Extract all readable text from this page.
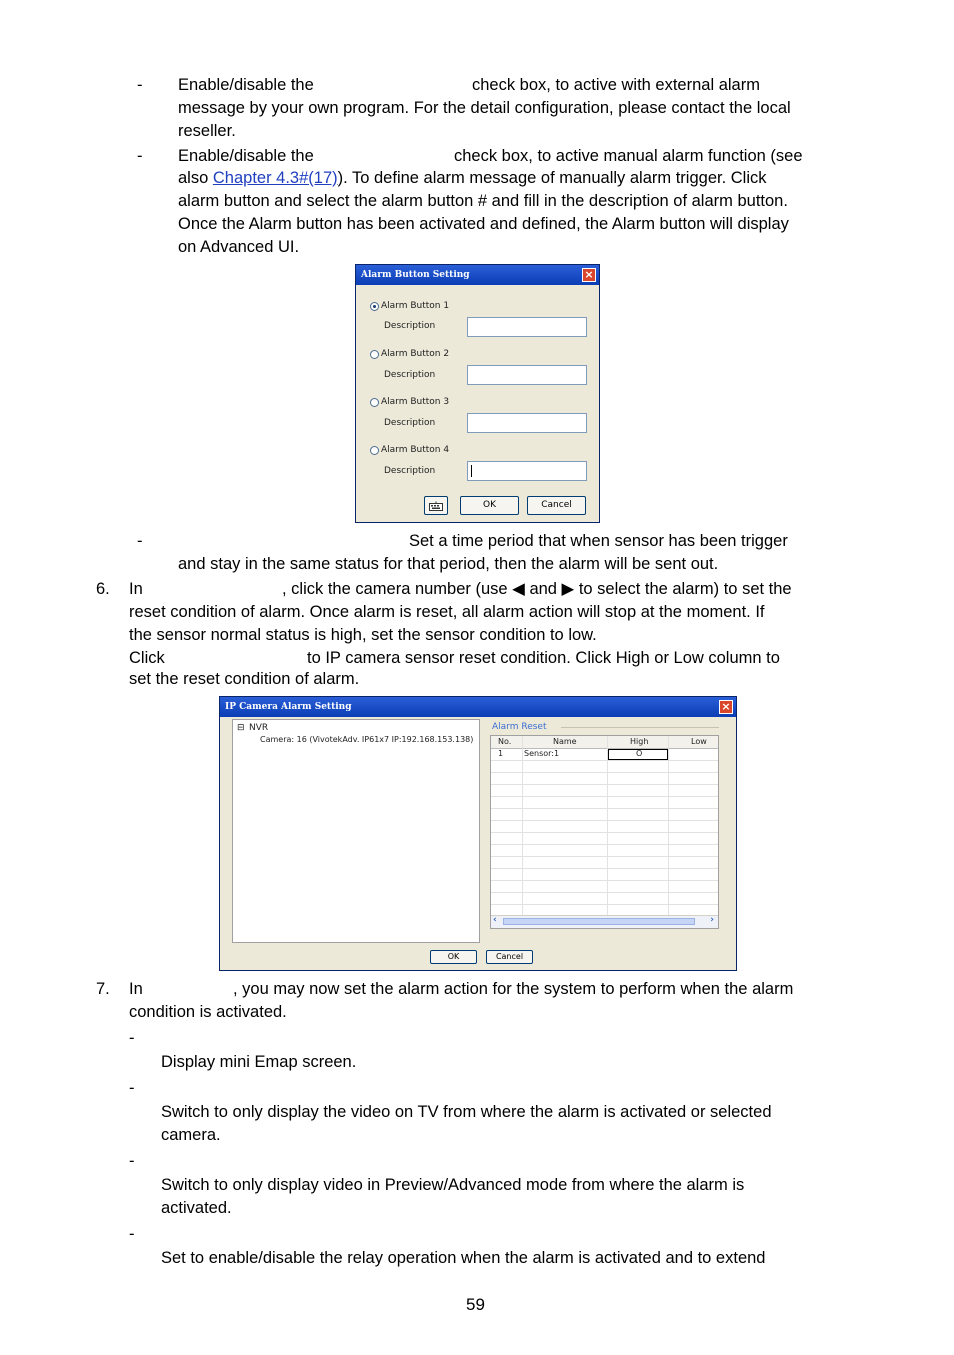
- Enable/disable the	check box, to active with external alarm
message by your own program. For the detail configuration, please contact the local
reseller.
- Enable/disable the	check box, to active manual alarm function (see
also Chapter 4.3#(17)). To define alarm message of manually alarm trigger. Click
alarm button and select the alarm button # and fill in the description of alarm button.
Once the Alarm button has been activated and defined, the Alarm button will display
on Advanced UI.
Alarm Button Setting	×
Alarm Button 1
Description
Alarm Button 2
Description
Alarm Button 3
Description
Alarm Button 4
Description
OK	Cancel
-	Set a time period that when sensor has been trigger
and stay in the same status for that period, then the alarm will be sent out.
6. In	, click the camera number (use ◀ and ▶ to select the alarm) to set the
reset condition of alarm. Once alarm is reset, all alarm action will stop at the moment. If
the sensor normal status is high, set the sensor condition to low.
Click	to IP camera sensor reset condition. Click High or Low column to
set the reset condition of alarm.
IP Camera Alarm Setting	×
⊟ NVR
Camera: 16 (VivotekAdv. IP61x7 IP:192.168.153.138)
Alarm Reset
No.	Name	High	Low
1	Sensor:1	O
‹	›
OK	Cancel
7. In	, you may now set the alarm action for the system to perform when the alarm
condition is activated.
-
Display mini Emap screen.
-
Switch to only display the video on TV from where the alarm is activated or selected
camera.
-
Switch to only display video in Preview/Advanced mode from where the alarm is
activated.
-
Set to enable/disable the relay operation when the alarm is activated and to extend
59
